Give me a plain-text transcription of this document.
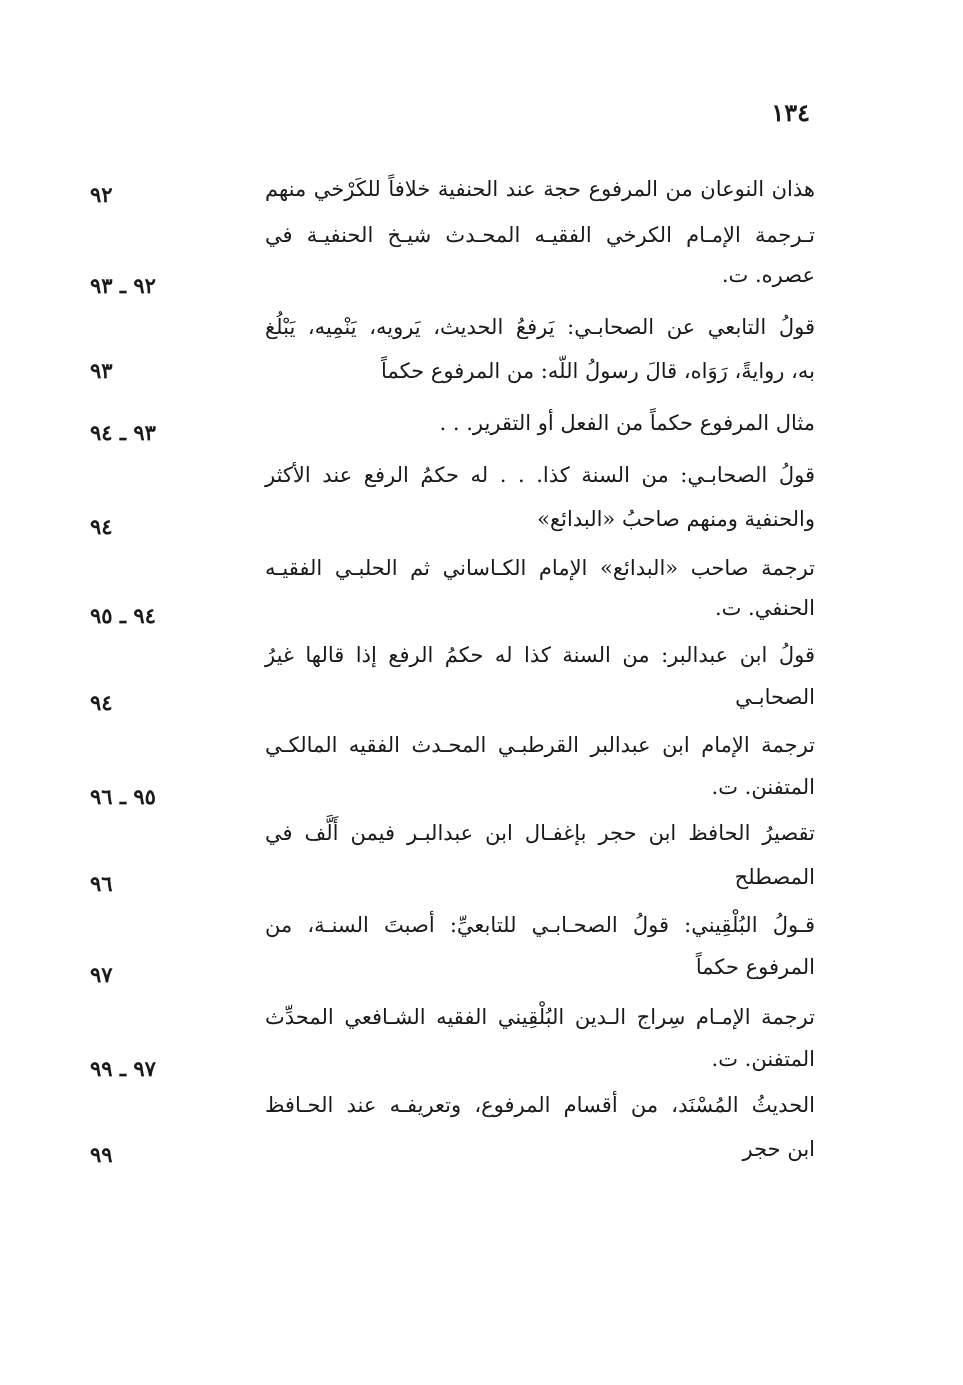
١٣٤
هذان النوعان من المرفوع حجة عند الحنفية خلافاً للكَرْخي منهم
٩٢
تـرجمة الإمـام الكرخي الفقيـه المحـدث شيـخ الحنفيـة في
عصره. ت.
٩٢ ـ ٩٣
قولُ التابعي عن الصحابـي: يَرفعُ الحديث، يَرويه، يَنْمِيه، يَبْلُغ
به، روايةً، رَوَاه، قالَ رسولُ اللّه: من المرفوع حكماً
٩٣
مثال المرفوع حكماً من الفعل أو التقرير. . .
٩٣ ـ ٩٤
قولُ الصحابـي: من السنة كذا. . . له حكمُ الرفع عند الأكثر
والحنفية ومنهم صاحبُ «البدائع»
٩٤
ترجمة صاحب «البدائع» الإمام الكـاساني ثم الحلبـي الفقيـه
الحنفي. ت.
٩٤ ـ ٩٥
قولُ ابن عبدالبر: من السنة كذا له حكمُ الرفع إذا قالها غيرُ
الصحابـي
٩٤
ترجمة الإمام ابن عبدالبر القرطبـي المحـدث الفقيه المالكـي
المتفنن. ت.
٩٥ ـ ٩٦
تقصيرُ الحافظ ابن حجر بإغفـال ابن عبدالبـر فيمن أَلَّف في
المصطلح
٩٦
قـولُ البُلْقِيني: قولُ الصحـابـي للتابعيِّ: أصبتَ السنـة، من
المرفوع حكماً
٩٧
ترجمة الإمـام سِراج الـدين البُلْقِيني الفقيه الشـافعي المحدِّث
المتفنن. ت.
٩٧ ـ ٩٩
الحديثُ المُسْنَد، من أقسام المرفوع، وتعريفـه عند الحـافظ
ابن حجر
٩٩
